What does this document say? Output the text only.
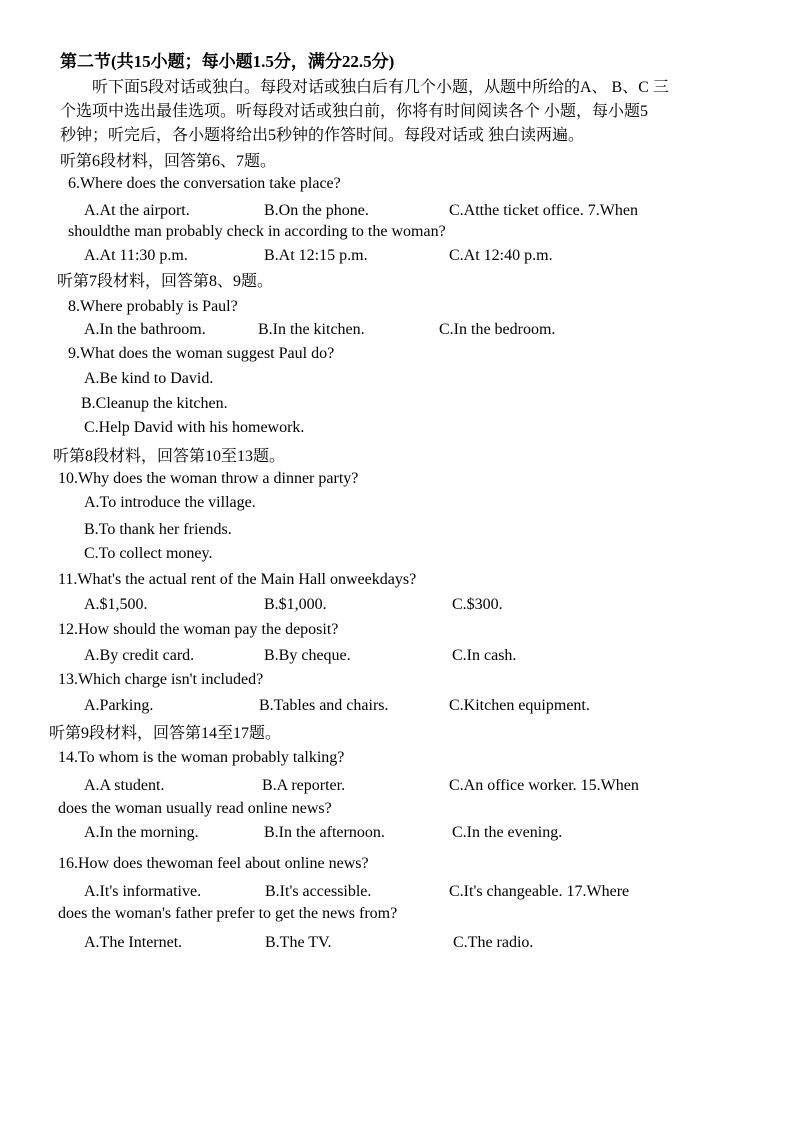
第二节(共15小题；每小题1.5分，满分22.5分)
听下面5段对话或独白。每段对话或独白后有几个小题，从题中所给的A、 B、C 三
个选项中选出最佳选项。听每段对话或独白前，你将有时间阅读各个 小题，每小题5
秒钟；听完后，各小题将给出5秒钟的作答时间。每段对话或 独白读两遍。
听第6段材料，回答第6、7题。
6.Where does the conversation take place?
A.At the airport.	B.On the phone.	C.Atthe ticket office. 7.When
shouldthe man probably check in according to the woman?
A.At 11:30 p.m.	B.At 12:15 p.m.	C.At 12:40 p.m.
听第7段材料，回答第8、9题。
8.Where probably is Paul?
A.In the bathroom.	B.In the kitchen.	C.In the bedroom.
9.What does the woman suggest Paul do?
A.Be kind to David.
B.Cleanup the kitchen.
C.Help David with his homework.
听第8段材料，回答第10至13题。
10.Why does the woman throw a dinner party?
A.To introduce the village.
B.To thank her friends.
C.To collect money.
11.What's the actual rent of the Main Hall onweekdays?
A.$1,500.	B.$1,000.	C.$300.
12.How should the woman pay the deposit?
A.By credit card.	B.By cheque.	C.In cash.
13.Which charge isn't included?
A.Parking.	B.Tables and chairs.	C.Kitchen equipment.
听第9段材料，回答第14至17题。
14.To whom is the woman probably talking?
A.A student.	B.A reporter.	C.An office worker. 15.When
does the woman usually read online news?
A.In the morning.	B.In the afternoon.	C.In the evening.
16.How does thewoman feel about online news?
A.It's informative.	B.It's accessible.	C.It's changeable. 17.Where
does the woman's father prefer to get the news from?
A.The Internet.	B.The TV.	C.The radio.
